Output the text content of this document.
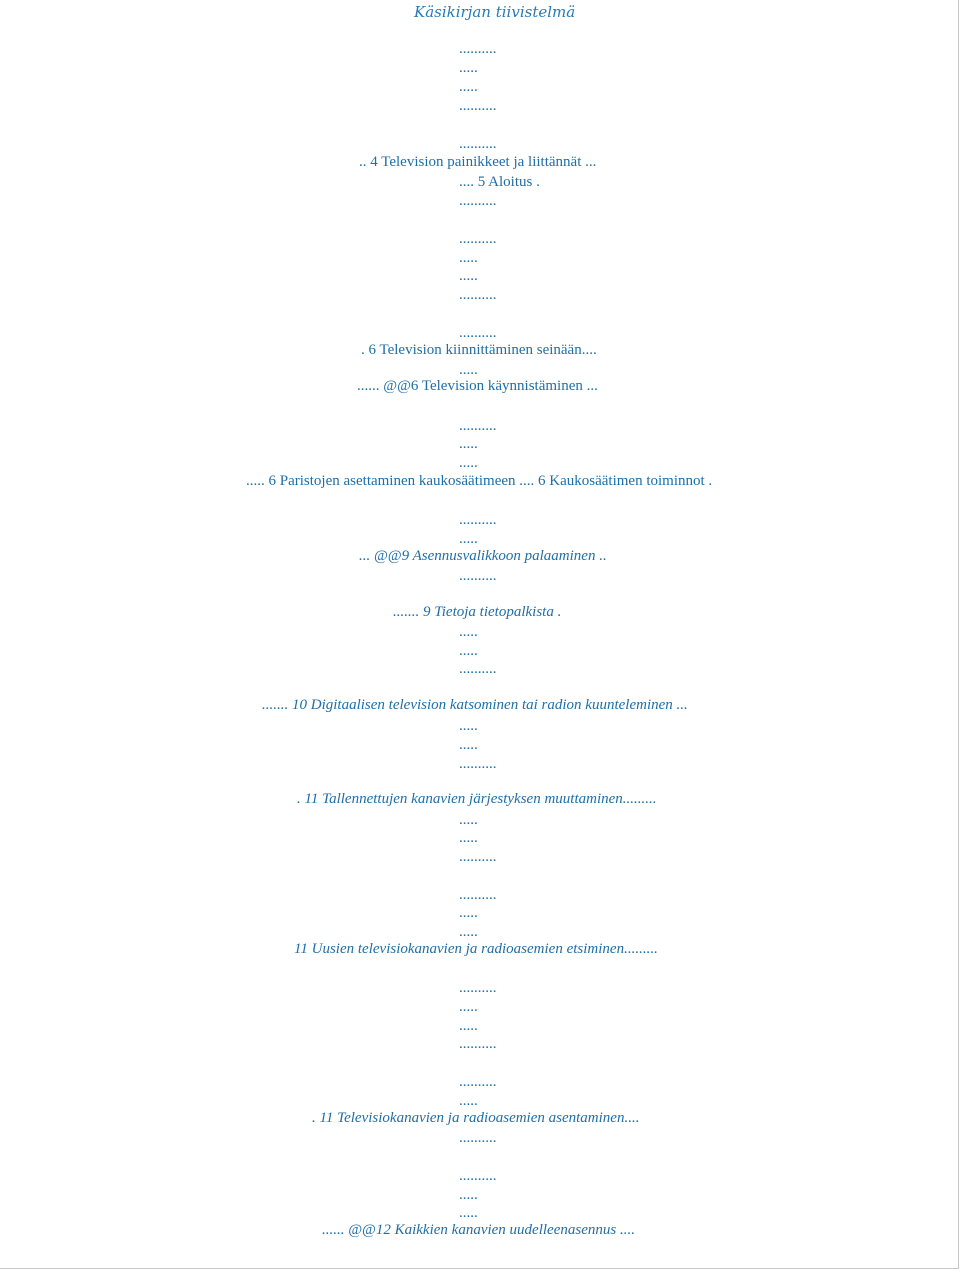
Käsikirjan tiivistelmä
..........
.....
.....
..........
..........
.. 4 Television painikkeet ja liittännät ...
.... 5 Aloitus .
..........
..........
.....
.....
..........
..........
. 6 Television kiinnittäminen seinään....
.....
...... @@6 Television käynnistäminen ...
..........
.....
.....
..... 6 Paristojen asettaminen kaukosäätimeen .... 6 Kaukosäätimen toiminnot .
..........
.....
... @@9 Asennusvalikkoon palaaminen ..
..........
....... 9 Tietoja tietopalkista .
.....
.....
..........
....... 10 Digitaalisen television katsominen tai radion kuunteleminen ...
.....
.....
..........
. 11 Tallennettujen kanavien järjestyksen muuttaminen.........
.....
.....
..........
..........
.....
.....
11 Uusien televisiokanavien ja radioasemien etsiminen.........
..........
.....
.....
..........
..........
.....
. 11 Televisiokanavien ja radioasemien asentaminen....
..........
..........
.....
.....
...... @@12 Kaikkien kanavien uudelleenasennus ....
